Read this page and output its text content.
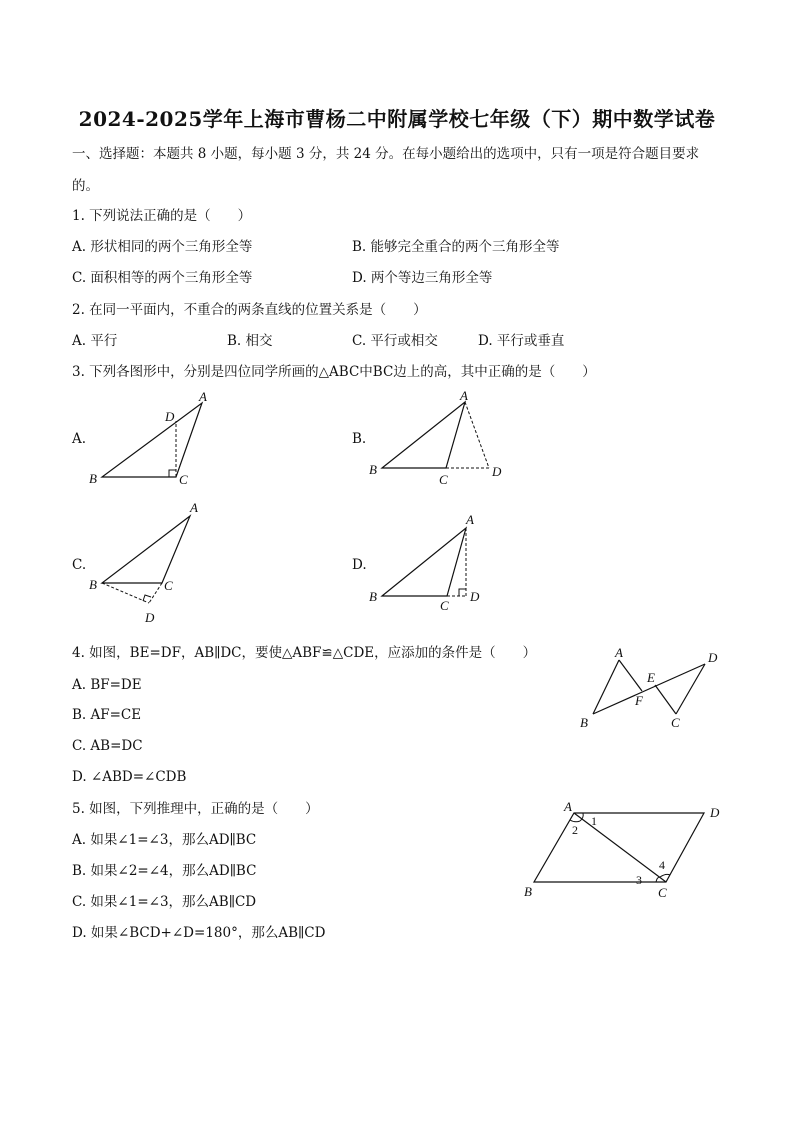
2024-2025学年上海市曹杨二中附属学校七年级（下）期中数学试卷
一、选择题：本题共 8 小题，每小题 3 分，共 24 分。在每小题给出的选项中，只有一项是符合题目要求
的。
1. 下列说法正确的是（　　）
A. 形状相同的两个三角形全等	B. 能够完全重合的两个三角形全等
C. 面积相等的两个三角形全等	D. 两个等边三角形全等
2. 在同一平面内，不重合的两条直线的位置关系是（　　）
A. 平行	B. 相交	C. 平行或相交	D. 平行或垂直
3. 下列各图形中，分别是四位同学所画的△ABC中BC边上的高，其中正确的是（　　）
A.	B.
C.	D.
A
B	C
D
A
B
C
D
A
B	C
D
A
B
C
D
4. 如图，BE=DF，AB∥DC，要使△ABF≌△CDE，应添加的条件是（　　）
A. BF=DE
B. AF=CE
C. AB=DC
D. ∠ABD=∠CDB
A
B	C
D
E
F
5. 如图，下列推理中，正确的是（　　）
A. 如果∠1=∠3，那么AD∥BC
B. 如果∠2=∠4，那么AD∥BC
C. 如果∠1=∠3，那么AB∥CD
D. 如果∠BCD+∠D=180°，那么AB∥CD
A
B	C
D
1
2
3
4
